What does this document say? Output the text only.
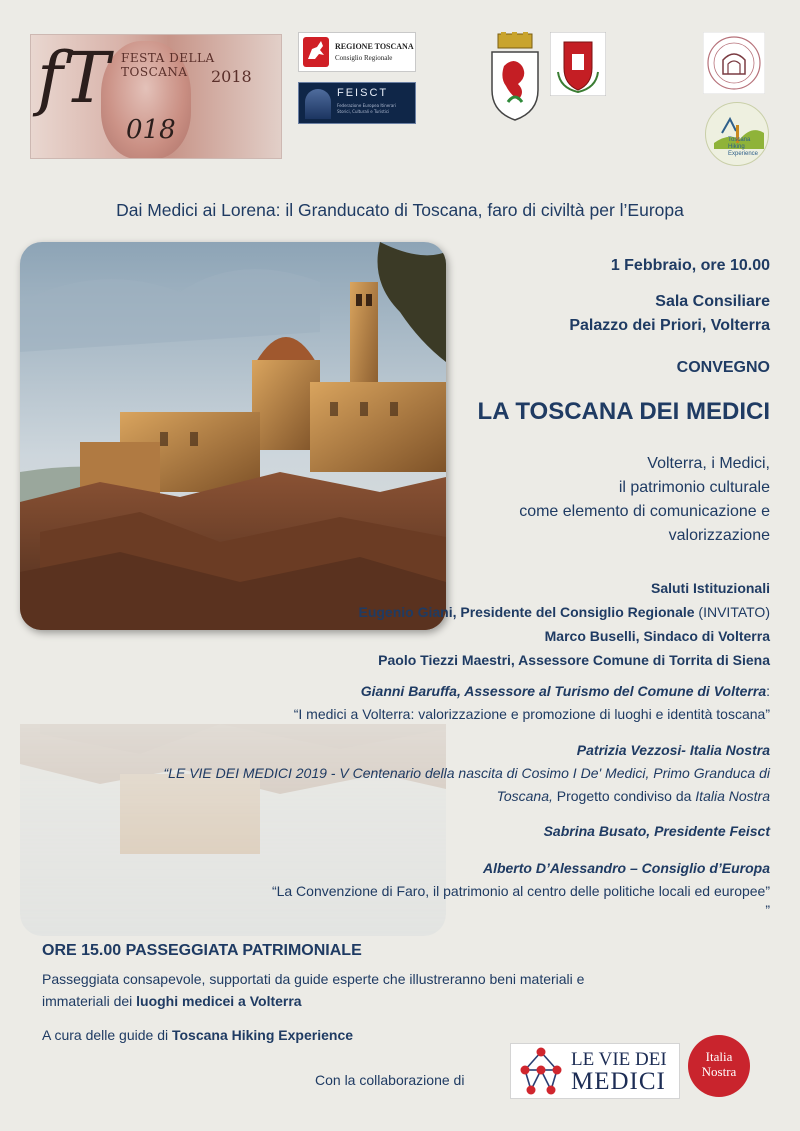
fT FESTA DELLA TOSCANA	2018
018
REGIONE TOSCANA
Consiglio Regionale
FEISCT
Federazione Europea Itinerari Storici, Culturali e Turistici
Toscana
Hiking
Experience
Dai Medici ai Lorena: il Granducato di Toscana, faro di civiltà per l’Europa
1 Febbraio, ore 10.00
Sala Consiliare
Palazzo dei Priori, Volterra
CONVEGNO
LA TOSCANA DEI MEDICI
Volterra, i Medici,
il patrimonio culturale
come elemento di comunicazione e
valorizzazione
Saluti Istituzionali
Eugenio Giani, Presidente del Consiglio Regionale (INVITATO)
Marco Buselli, Sindaco di Volterra
Paolo Tiezzi Maestri, Assessore Comune di Torrita di Siena
Gianni Baruffa, Assessore al Turismo del Comune di Volterra:
“I medici a Volterra: valorizzazione e promozione di luoghi e identità toscana”
Patrizia Vezzosi- Italia Nostra
“LE VIE DEI MEDICI 2019 - V Centenario della nascita di Cosimo I De' Medici, Primo Granduca di
Toscana, Progetto condiviso da Italia Nostra
Sabrina Busato, Presidente Feisct
Alberto D’Alessandro – Consiglio d’Europa
“La Convenzione di Faro, il patrimonio al centro delle politiche locali ed europee”
”
ORE 15.00 PASSEGGIATA PATRIMONIALE
Passeggiata consapevole, supportati da guide esperte che illustreranno beni materiali e
immateriali dei luoghi medicei a Volterra
A cura delle guide di Toscana Hiking Experience
Con la collaborazione di
LE VIE DEI
MEDICI
Italia
Nostra
